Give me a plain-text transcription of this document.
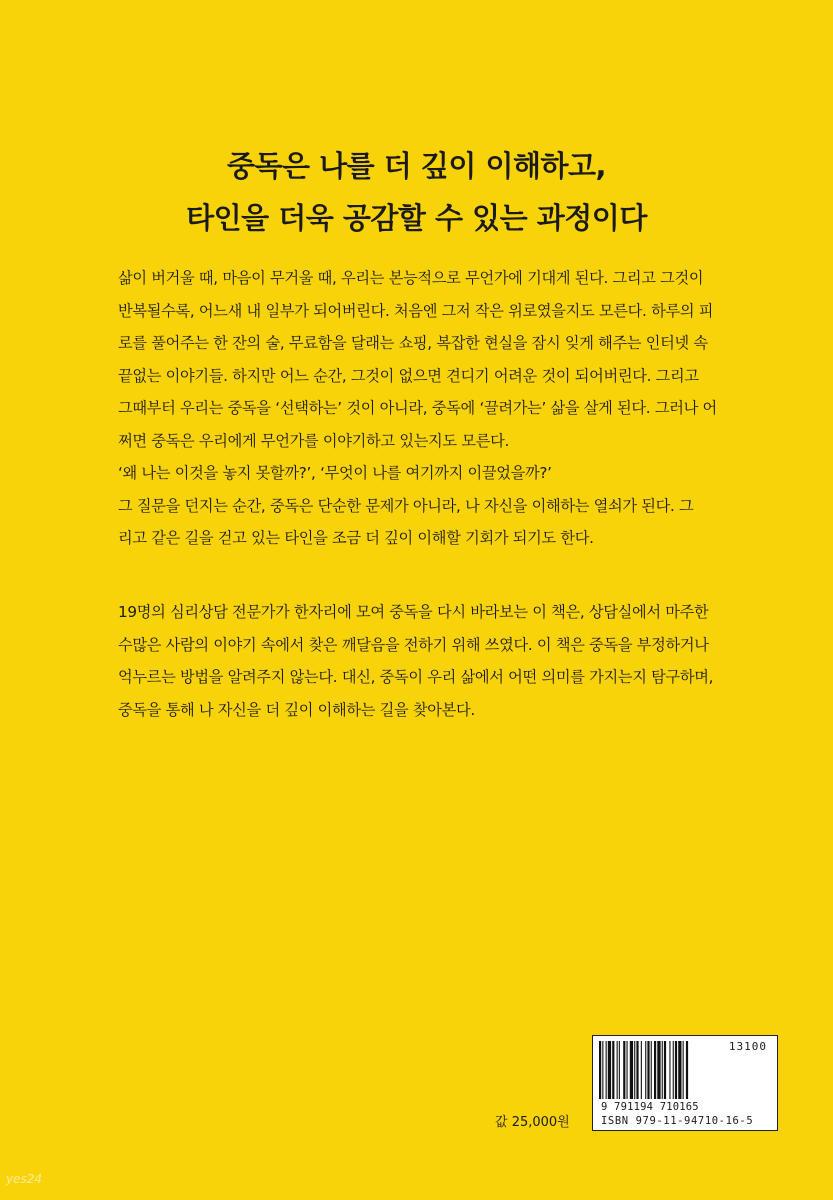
중독은 나를 더 깊이 이해하고,
타인을 더욱 공감할 수 있는 과정이다
삶이 버거울 때, 마음이 무거울 때, 우리는 본능적으로 무언가에 기대게 된다. 그리고 그것이
반복될수록, 어느새 내 일부가 되어버린다. 처음엔 그저 작은 위로였을지도 모른다. 하루의 피
로를 풀어주는 한 잔의 술, 무료함을 달래는 쇼핑, 복잡한 현실을 잠시 잊게 해주는 인터넷 속
끝없는 이야기들. 하지만 어느 순간, 그것이 없으면 견디기 어려운 것이 되어버린다. 그리고
그때부터 우리는 중독을 ‘선택하는’ 것이 아니라, 중독에 ‘끌려가는’ 삶을 살게 된다. 그러나 어
쩌면 중독은 우리에게 무언가를 이야기하고 있는지도 모른다.
‘왜 나는 이것을 놓지 못할까?’, ‘무엇이 나를 여기까지 이끌었을까?’
그 질문을 던지는 순간, 중독은 단순한 문제가 아니라, 나 자신을 이해하는 열쇠가 된다. 그
리고 같은 길을 걷고 있는 타인을 조금 더 깊이 이해할 기회가 되기도 한다.
19명의 심리상담 전문가가 한자리에 모여 중독을 다시 바라보는 이 책은, 상담실에서 마주한
수많은 사람의 이야기 속에서 찾은 깨달음을 전하기 위해 쓰였다. 이 책은 중독을 부정하거나
억누르는 방법을 알려주지 않는다. 대신, 중독이 우리 삶에서 어떤 의미를 가지는지 탐구하며,
중독을 통해 나 자신을 더 깊이 이해하는 길을 찾아본다.
13100
9 791194 710165
ISBN 979-11-94710-16-5
값 25,000원
yes24
